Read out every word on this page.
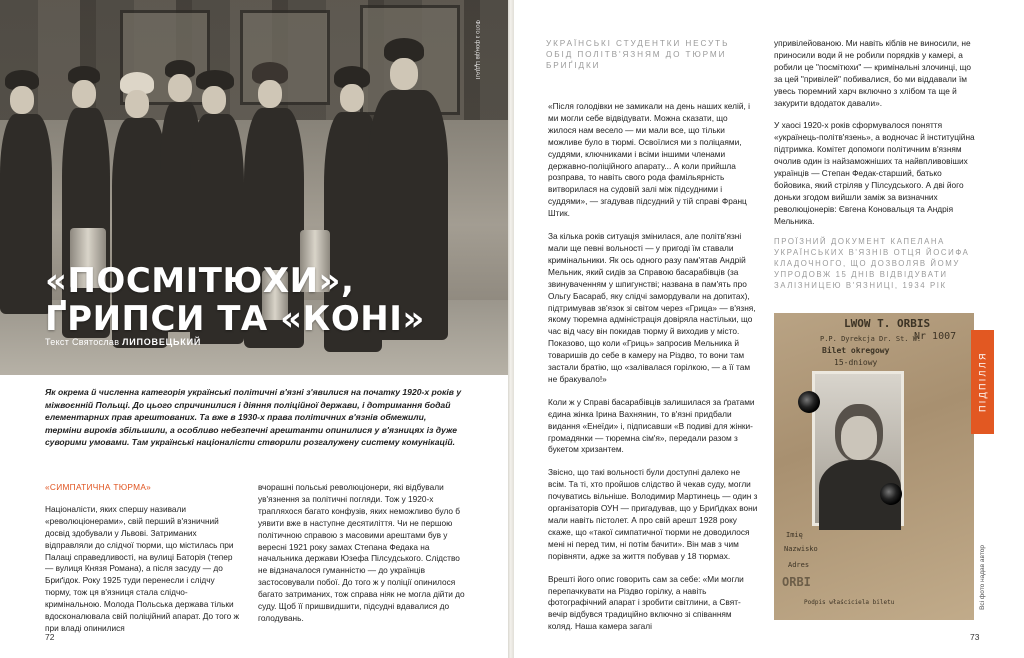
Фото з фондів ЦДІАЛ
«ПОСМІТЮХИ»,
ҐРИПСИ ТА «КОНІ»
Текст Святослав ЛИПОВЕЦЬКИЙ
Як окрема й численна категорія українські політичні в'язні з'явилися на початку 1920-х років у міжвоєнній Польщі. До цього спричинилися і діяння поліційної держави, і дотримання бодай елементарних прав арештованих. Та вже в 1930-х права політичних в'язнів обмежили, терміни вироків збільшили, а особливо небезпечні арештанти опинилися у в'язницях із дуже суворими умовами. Там українські націоналісти створили розгалужену систему комунікацій.
«СИМПАТИЧНА ТЮРМА»

Націоналісти, яких спершу називали «революціонерами», свій перший в'язничний досвід здобували у Львові. Затриманих відправляли до слідчої тюрми, що містилась при Палаці справедливості, на вулиці Баторія (тепер — вулиця Князя Романа), а після засуду — до Бриґідок. Року 1925 туди перенесли і слідчу тюрму, тож ця в'язниця стала слідчо-кримінальною. Молода Польська держава тільки вдосконалювала свій поліційний апарат. До того ж при владі опинилися

вчорашні польські революціонери, які відбували ув'язнення за політичні погляди. Тож у 1920-х трапляхося багато конфузів, яких неможливо було б уявити вже в наступне десятиліття. Чи не першою політичною справою з масовими арештами був у вересні 1921 року замах Степана Федака на начальника держави Юзефа Пілсудського. Слідство не відзначалося гуманністю — до українців застосовували побої. До того ж у поліції опинилося багато затриманих, тож справа ніяк не могла дійти до суду. Щоб її пришвидшити, підсудні вдавалися до голодувань.

72
УКРАЇНСЬКІ СТУДЕНТКИ НЕСУТЬ ОБІД ПОЛІТВ'ЯЗНЯМ ДО ТЮРМИ БРИҐІДКИ

«Після голодівки не замикали на день наших келій, і ми могли себе відвідувати. Можна сказати, що жилося нам весело — ми мали все, що тільки можливе було в тюрмі. Освоїлися ми з поліцаями, суддями, ключниками і всіми іншими членами державно-поліційного апарату... А коли прийшла розправа, то навіть свого рода фамільярність витворилася на судовій залі між підсудними і суддями», — згадував підсудний у тій справі Франц Штик.

За кілька років ситуація змінилася, але політв'язні мали ще певні вольності — у пригоді їм ставали кримінальники. Як ось одного разу пам'ятав Андрій Мельник, який сидів за Справою басарабівців (за звинуваченням у шпигунстві; названа в пам'ять про Ольгу Басараб, яку слідчі замордували на допитах), підтримував зв'язок зі світом через «Грица» — в'язня, якому тюремна адміністрація довіряла настільки, що час від часу він покидав тюрму й виходив у місто. Показово, що коли «Гриць» запросив Мельника й товаришів до себе в камеру на Різдво, то вони там застали братію, що «залівалася горілкою, — а її там не бракувало!»

Коли ж у Справі басарабівців залишилася за ґратами єдина жінка Ірина Вахнянин, то в'язні придбали видання «Енеїди» і, підписавши «В подиві для жінки-громадянки — тюремна сім'я», передали разом з букетом хризантем.

Звісно, що такі вольності були доступні далеко не всім. Та ті, хто пройшов слідство й чекав суду, могли почуватись вільніше. Володимир Мартинець — один з організаторів ОУН — пригадував, що у Бриґідках вони мали навіть пістолет. А про свій арешт 1928 року скаже, що «такої симпатичної тюрми не доводилося мені ні перед тим, ні потім бачити». Він мав з чим порівняти, адже за життя побував у 18 тюрмах.

Врешті його опис говорить сам за себе: «Ми могли перепачкувати на Різдво горілку, а навіть фотографічний апарат і зробити світлини, а Свят-вечір відбувся традиційно включно зі співанням коляд. Наша камера загалі

упривілейованою. Ми навіть кіблів не виносили, не приносили води й не робили порядків у камері, а робили це "посмітюхи" — кримінальні злочинці, що за цей "привілей" побивалися, бо ми віддавали їм увесь тюремний харч включно з хлібом та ще й закурити вдодаток давали».

У хаосі 1920-х років сформувалося поняття «українець-політв'язень», а водночас й інституційна підтримка. Комітет допомоги політичним в'язням очолив один із найзаможніших та найвпливовіших українців — Степан Федак-старший, батько бойовика, який стріляв у Пілсудського. А дві його доньки згодом вийшли заміж за визначних революціонерів: Євгена Коновальця та Андрія Мельника.

ПРОЇЗНИЙ ДОКУМЕНТ КАПЕЛАНА УКРАЇНСЬКИХ В'ЯЗНІВ ОТЦЯ ЙОСИФА КЛАДОЧНОГО, ЩО ДОЗВОЛЯВ ЙОМУ УПРОДОВЖ 15 ДНІВ ВІДВІДУВАТИ ЗАЛІЗНИЦЕЮ В'ЯЗНИЦІ, 1934 РІК
73
LWOW T. ORBIS
P.P. Dyrekcja Dr. St. W.
Bilet okregowy
15-dniowy
Nr 1007
Imię
Nazwisko
Adres
ORBI
Podpis właściciela biletu
ПІДПІЛЛЯ
Всі фото надав автор
